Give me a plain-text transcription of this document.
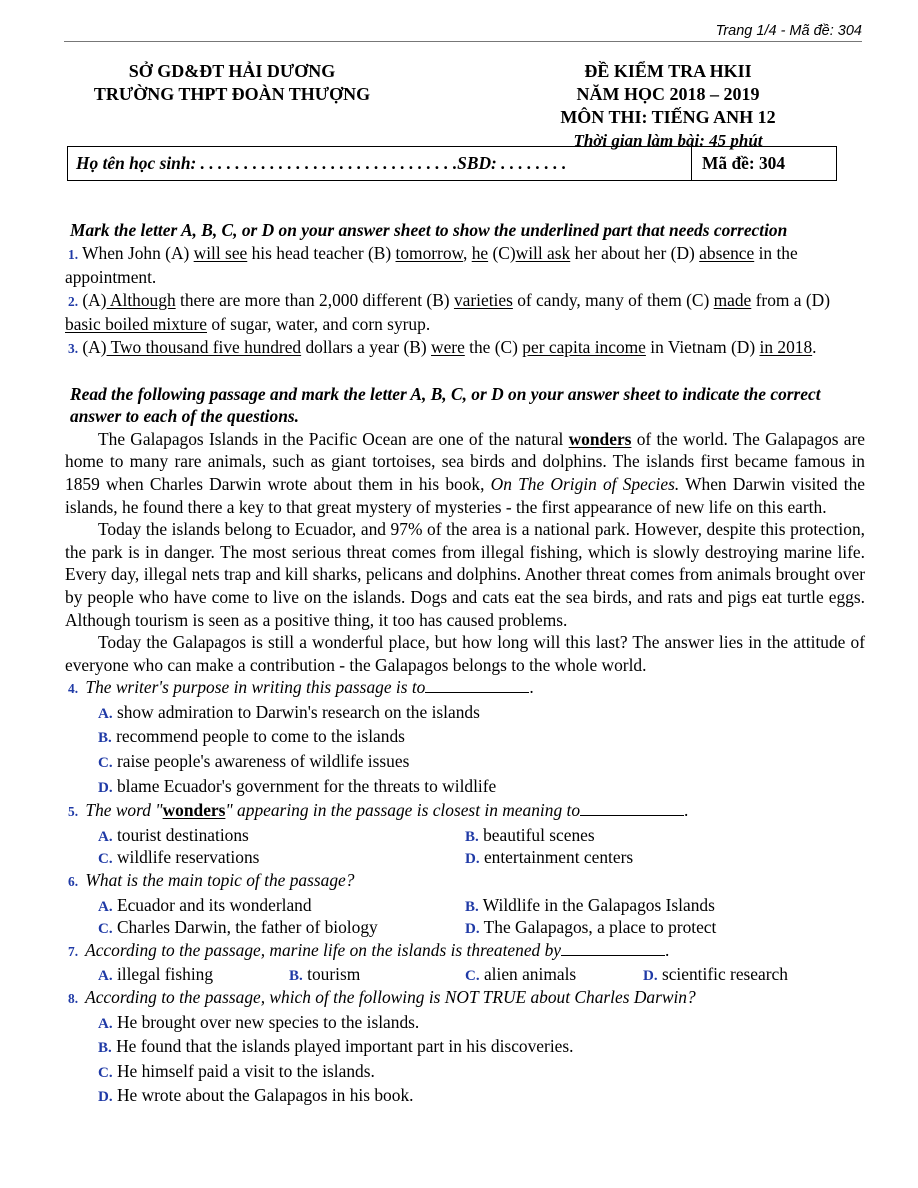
Trang 1/4 - Mã đề: 304
SỞ GD&ĐT HẢI DƯƠNG
TRƯỜNG THPT ĐOÀN THƯỢNG
ĐỀ KIỂM TRA HKII
NĂM HỌC 2018 – 2019
MÔN THI: TIẾNG ANH 12
Thời gian làm bài: 45 phút
Họ tên học sinh: . . . . . . . . . . . . . . . . . . . . . . . . . . . . . .SBD: . . . . . . . .	Mã đề: 304
Mark the letter A, B, C, or D on your answer sheet to show the underlined part that needs correction

1. When John (A) will see his head teacher (B) tomorrow, he (C)will ask her about her (D) absence in the appointment.

2. (A) Although there are more than 2,000 different (B) varieties of candy, many of them (C) made from a (D) basic boiled mixture of sugar, water, and corn syrup.

3. (A) Two thousand five hundred dollars a year (B) were the (C) per capita income in Vietnam (D) in 2018.

Read the following passage and mark the letter A, B, C, or D on your answer sheet to indicate the correct answer to each of the questions.

The Galapagos Islands in the Pacific Ocean are one of the natural wonders of the world. The Galapagos are home to many rare animals, such as giant tortoises, sea birds and dolphins. The islands first became famous in 1859 when Charles Darwin wrote about them in his book, On The Origin of Species. When Darwin visited the islands, he found there a key to that great mystery of mysteries - the first appearance of new life on this earth.

Today the islands belong to Ecuador, and 97% of the area is a national park. However, despite this protection, the park is in danger. The most serious threat comes from illegal fishing, which is slowly destroying marine life. Every day, illegal nets trap and kill sharks, pelicans and dolphins. Another threat comes from animals brought over by people who have come to live on the islands. Dogs and cats eat the sea birds, and rats and pigs eat turtle eggs. Although tourism is seen as a positive thing, it too has caused problems.

Today the Galapagos is still a wonderful place, but how long will this last? The answer lies in the attitude of everyone who can make a contribution - the Galapagos belongs to the whole world.

4. The writer's purpose in writing this passage is to	.
A. show admiration to Darwin's research on the islands
B. recommend people to come to the islands
C. raise people's awareness of wildlife issues
D. blame Ecuador's government for the threats to wildlife
5. The word "wonders" appearing in the passage is closest in meaning to	.
A. tourist destinations	B. beautiful scenes
C. wildlife reservations	D. entertainment centers
6. What is the main topic of the passage?
A. Ecuador and its wonderland	B. Wildlife in the Galapagos Islands
C. Charles Darwin, the father of biology	D. The Galapagos, a place to protect
7. According to the passage, marine life on the islands is threatened by	.
A. illegal fishing	B. tourism	C. alien animals	D. scientific research
8. According to the passage, which of the following is NOT TRUE about Charles Darwin?
A. He brought over new species to the islands.
B. He found that the islands played important part in his discoveries.
C. He himself paid a visit to the islands.
D. He wrote about the Galapagos in his book.
